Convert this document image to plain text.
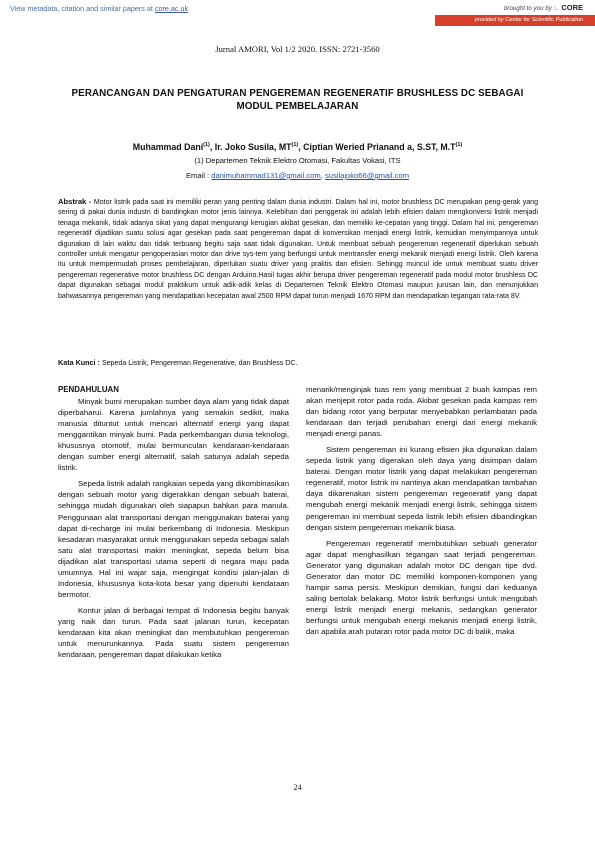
View metadata, citation and similar papers at core.ac.uk	brought to you by ∟ CORE
provided by Center for Scientific Publication
Jurnal AMORI, Vol 1/2 2020. ISSN: 2721-3560
PERANCANGAN DAN PENGATURAN PENGEREMAN REGENERATIF BRUSHLESS DC SEBAGAI
MODUL PEMBELAJARAN
Muhammad Dani$^{(1)}$, Ir. Joko Susila, MT$^{(1)}$, Ciptian Weried Prianand a, S.ST, $M.T^{(1)}$
(1) Departemen Teknik Elektro Otomasi, Fakultas Vokasi, ITS
Email : danimuhammad131@gmail.com, susilajoko66@gmail.com
Abstrak - Motor listrik pada saat ini memiliki peran yang penting dalam dunia industri. Dalam hal ini, motor brushless DC merupakan peng-gerak yang sering di pakai dunia industri di bandingkan motor jenis lainnya. Kelebihan dari penggerak ini adalah lebih efisien dalam mengkonversi listrik menjadi tenaga mekanik, tidak adanya sikat yang dapat mengurangi kerugian akibat gesekan, dan memiliki ke-cepatan yang tinggi. Dalam hal ini, pengereman regeneratif dijadikan suatu solusi agar gesekan pada saat pengereman dapat di konversikan menjadi energi listrik, kemudian menyimpannya untuk digunakan di lain waktu dan tidak terbuang begitu saja saat tidak digunakan. Untuk membuat sebuah pengereman regeneratif diperlukan sebuah controller untuk mengatur pengoperasian motor dan drive sys-tem yang berfungsi untuk mentransfer energi mekanik menjadi energi listrik. Oleh karena itu untuk mempermudah proses pembelajaran, diperlukan suatu driver yang praktis dan efisien. Sehingg muncul ide untuk membuat suatu driver pengereman regenerative motor brushless DC dengan Arduino.Hasil tugas akhir berupa driver pengereman regeneratif pada modul motor brushless DC dapat digunakan sebagai modul praktikum untuk adik-adik kelas di Departemen Teknik Elektro Otomasi maupun jurusan lain, dan menunjukkan bahwasannya pengereman yang mendapatkan kecepatan awal 2500 RPM dapat turun menjadi 1670 RPM dan mendapatkan tegangan rata-rata 8V.
Kata Kunci : Sepeda Listrik, Pengereman Regenerative, dan Brushless DC.
PENDAHULUAN

Minyak bumi merupakan sumber daya alam yang tidak dapat diperbaharui. Karena jumlahnya yang semakin sedikit, maka manusia dituntut untuk mencari alternatif energi yang dapat menggantikan minyak bumi. Pada perkembangan dunia teknologi, khususnya otomotif, mulai bermunculan kendaraan-kendaraan dengan sumber energi alternatif, salah satunya adalah sepeda listrik.

Sepeda listrik adalah rangkaian sepeda yang dikombinasikan dengan sebuah motor yang digerakkan dengan sebuah baterai, sehingga mudah digunakan oleh siapapun bahkan para manula. Penggunaan alat transportasi dengan menggunakan baterai yang dapat di-recharge ini mulai berkembang di Indonesia. Meskipun kesadaran masyarakat untuk menggunakan sepeda sebagai salah satu alat transportasi makin meningkat, sepeda belum bisa dijadikan alat transportasi utama seperti di negara maju pada umumnya. Hal ini wajar saja, mengingat kondisi jalan-jalan di Indonesia, khususnya kota-kota besar yang dipenuhi kendaraan bermotor.

Kontur jalan di berbagai tempat di Indonesia begitu banyak yang naik dan turun. Pada saat jalanan turun, kecepatan kendaraan kita akan meningkat dan membutuhkan pengereman untuk menurunkannya. Pada suatu sistem pengereman kendaraan, pengereman dapat dilakukan ketika

menarik/menginjak tuas rem yang membuat 2 buah kampas rem akan menjepit rotor pada roda. Akibat gesekan pada kampas rem dan bidang rotor yang berputar menyebabkan perlambatan pada kendaraan dan terjadi perubahan energi dari energi mekanik menjadi energi panas.

Sistem pengereman ini kurang efisien jika digunakan dalam sepeda listrik yang digerakan oleh daya yang disimpan dalam baterai. Dengan motor listrik yang dapat melakukan pengereman regeneratif, motor listrik ini nantinya akan mendapatkan tambahan daya dikarenakan sistem pengereman regeneratif yang dapat mengubah energi mekanik menjadi energi listrik, sehingga sistem pengereman ini membuat sepeda listrik lebih efisien dibandingkan dengan sistem pengereman mekanik biasa.

Pengereman regeneratif membutuhkan sebuah generator agar dapat menghasilkan tegangan saat terjadi pengereman. Generator yang digunakan adalah motor DC dengan tipe dvd. Generator dan motor DC memiliki komponen-komponen yang hampir sama persis. Meskipun demikian, fungsi dari keduanya saling bertolak belakang. Motor listrik berfungsi untuk mengubah energi listrik menjadi energi mekanis, sedangkan generator berfungsi untuk mengubah energi mekanis menjadi energi listrik, dan apabila arah putaran rotor pada motor DC di balik, maka

24
